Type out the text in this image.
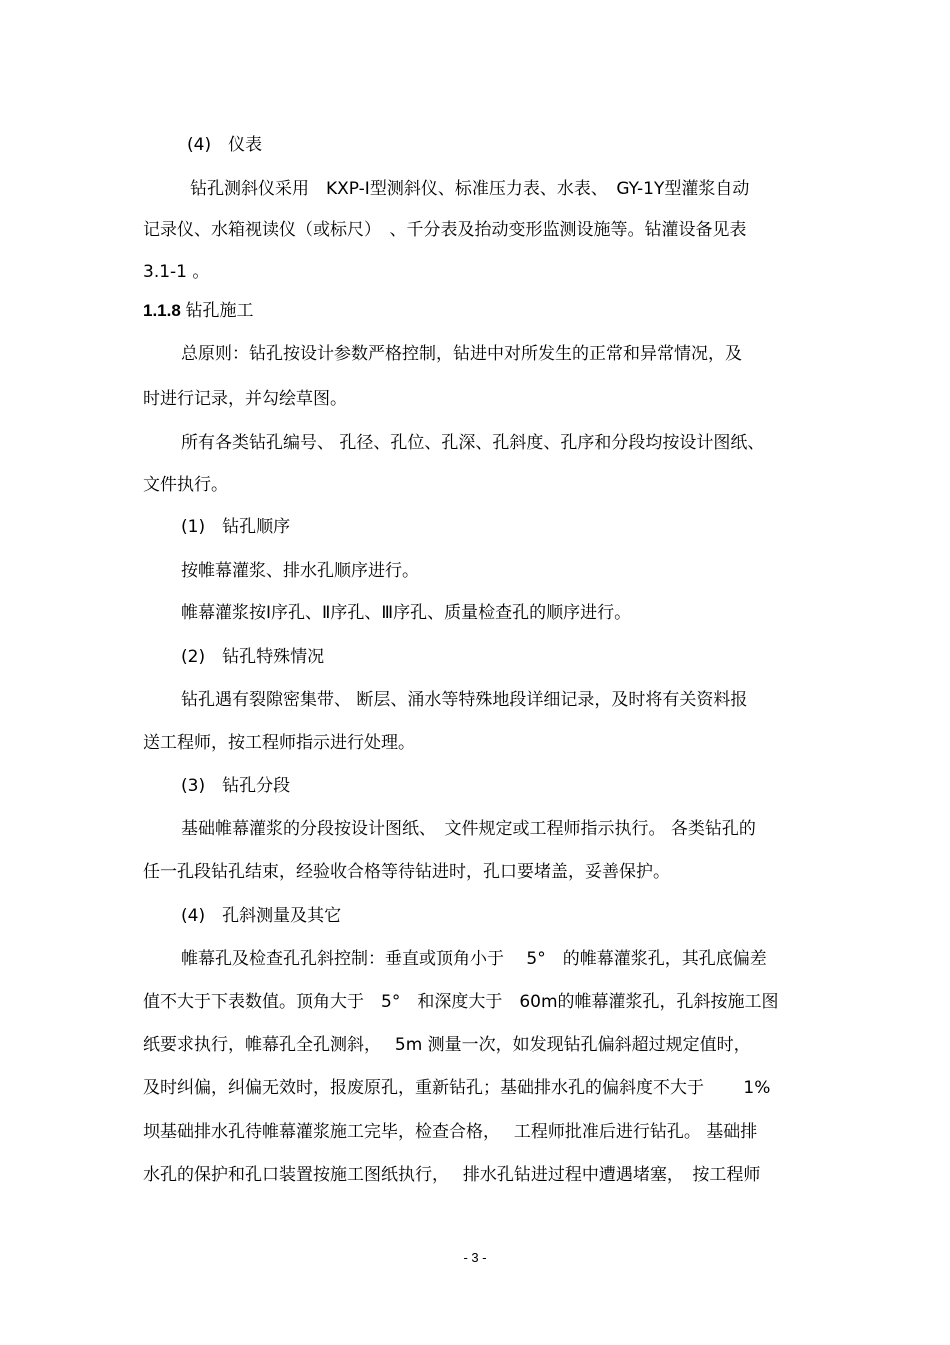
(4)　仪表

钻孔测斜仪采用　KXP-Ⅰ型测斜仪、标准压力表、水表、　GY-1Y型灌浆自动

记录仪、水箱视读仪（或标尺）　、千分表及抬动变形监测设施等。钻灌设备见表

3.1-1 。

1.1.8 钻孔施工

总原则：钻孔按设计参数严格控制，钻进中对所发生的正常和异常情况，及

时进行记录，并勾绘草图。

所有各类钻孔编号、 孔径、孔位、孔深、孔斜度、孔序和分段均按设计图纸、

文件执行。

(1)　钻孔顺序

按帷幕灌浆、排水孔顺序进行。

帷幕灌浆按Ⅰ序孔、Ⅱ序孔、Ⅲ序孔、质量检查孔的顺序进行。

(2)　钻孔特殊情况

钻孔遇有裂隙密集带、 断层、涌水等特殊地段详细记录，及时将有关资料报

送工程师，按工程师指示进行处理。

(3)　钻孔分段

基础帷幕灌浆的分段按设计图纸、　文件规定或工程师指示执行。 各类钻孔的

任一孔段钻孔结束，经验收合格等待钻进时，孔口要堵盖，妥善保护。

(4)　孔斜测量及其它

帷幕孔及检查孔孔斜控制：垂直或顶角小于　 5°　的帷幕灌浆孔，其孔底偏差

值不大于下表数值。顶角大于　5°　和深度大于　60m的帷幕灌浆孔，孔斜按施工图

纸要求执行，帷幕孔全孔测斜，　 5m 测量一次，如发现钻孔偏斜超过规定值时，

及时纠偏，纠偏无效时，报废原孔，重新钻孔；基础排水孔的偏斜度不大于　　 1%

坝基础排水孔待帷幕灌浆施工完毕，检查合格，　 工程师批准后进行钻孔。 基础排

水孔的保护和孔口装置按施工图纸执行，　 排水孔钻进过程中遭遇堵塞，　按工程师

- 3 -
